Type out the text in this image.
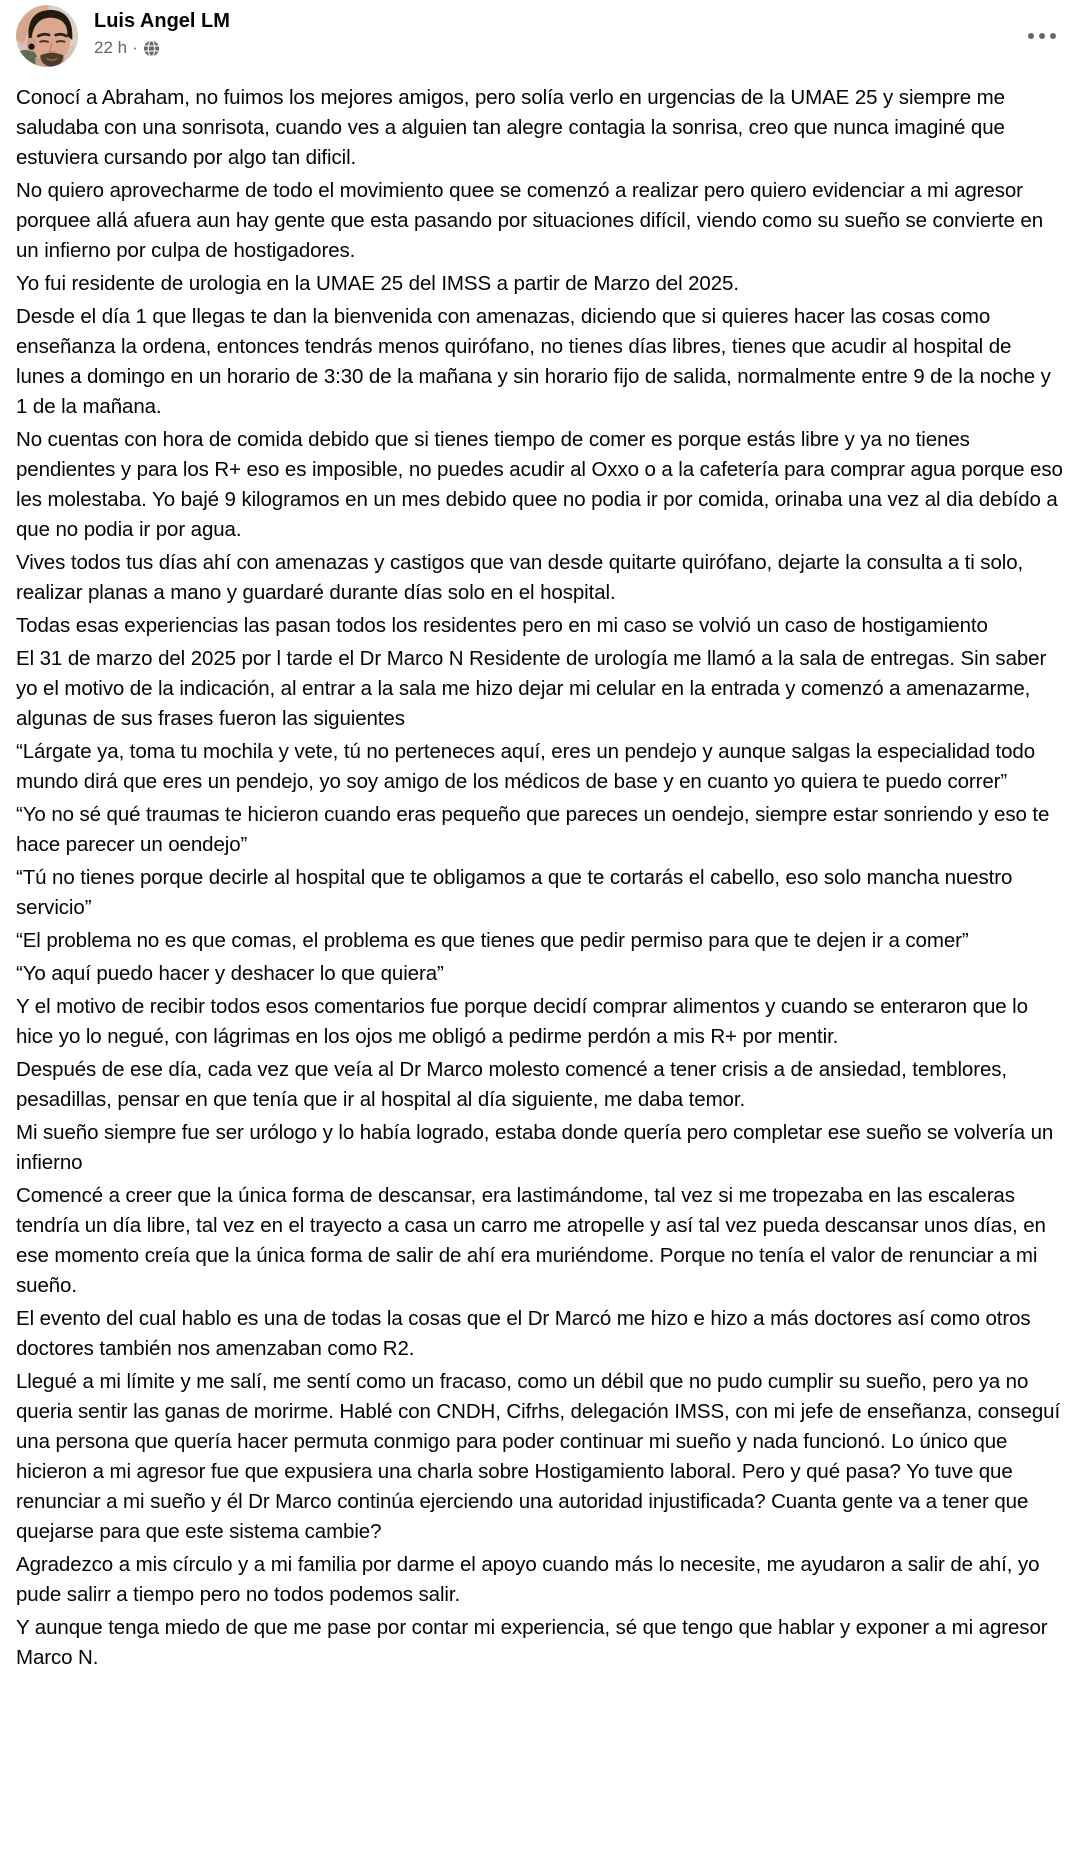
Luis Angel LM
22 h ·

Conocí a Abraham, no fuimos los mejores amigos, pero solía verlo en urgencias de la UMAE 25 y siempre me saludaba con una sonrisota, cuando ves a alguien tan alegre contagia la sonrisa, creo que nunca imaginé que estuviera cursando por algo tan dificil.

No quiero aprovecharme de todo el movimiento quee se comenzó a realizar pero quiero evidenciar a mi agresor porquee allá afuera aun hay gente que esta pasando por situaciones difícil, viendo como su sueño se convierte en un infierno por culpa de hostigadores.

Yo fui residente de urologia en la UMAE 25 del IMSS a partir de Marzo del 2025.

Desde el día 1 que llegas te dan la bienvenida con amenazas, diciendo que si quieres hacer las cosas como enseñanza la ordena, entonces tendrás menos quirófano, no tienes días libres, tienes que acudir al hospital de lunes a domingo en un horario de 3:30 de la mañana y sin horario fijo de salida, normalmente entre 9 de la noche y 1 de la mañana.

No cuentas con hora de comida debido que si tienes tiempo de comer es porque estás libre y ya no tienes pendientes y para los R+ eso es imposible, no puedes acudir al Oxxo o a la cafetería para comprar agua porque eso les molestaba. Yo bajé 9 kilogramos en un mes debido quee no podia ir por comida, orinaba una vez al dia debído a que no podia ir por agua.

Vives todos tus días ahí con amenazas y castigos que van desde quitarte quirófano, dejarte la consulta a ti solo, realizar planas a mano y guardaré durante días solo en el hospital.

Todas esas experiencias las pasan todos los residentes pero en mi caso se volvió un caso de hostigamiento

El 31 de marzo del 2025 por l tarde el Dr Marco N Residente de urología me llamó a la sala de entregas. Sin saber yo el motivo de la indicación, al entrar a la sala me hizo dejar mi celular en la entrada y comenzó a amenazarme, algunas de sus frases fueron las siguientes

“Lárgate ya, toma tu mochila y vete, tú no perteneces aquí, eres un pendejo y aunque salgas la especialidad todo mundo dirá que eres un pendejo, yo soy amigo de los médicos de base y en cuanto yo quiera te puedo correr”

“Yo no sé qué traumas te hicieron cuando eras pequeño que pareces un oendejo, siempre estar sonriendo y eso te hace parecer un oendejo”

“Tú no tienes porque decirle al hospital que te obligamos a que te cortarás el cabello, eso solo mancha nuestro servicio”

“El problema no es que comas, el problema es que tienes que pedir permiso para que te dejen ir a comer”

“Yo aquí puedo hacer y deshacer lo que quiera”

Y el motivo de recibir todos esos comentarios fue porque decidí comprar alimentos y cuando se enteraron que lo hice yo lo negué, con lágrimas en los ojos me obligó a pedirme perdón a mis R+ por mentir.

Después de ese día, cada vez que veía al Dr Marco molesto comencé a tener crisis a de ansiedad, temblores, pesadillas, pensar en que tenía que ir al hospital al día siguiente, me daba temor.

Mi sueño siempre fue ser urólogo y lo había logrado, estaba donde quería pero completar ese sueño se volvería un infierno

Comencé a creer que la única forma de descansar, era lastimándome, tal vez si me tropezaba en las escaleras tendría un día libre, tal vez en el trayecto a casa un carro me atropelle y así tal vez pueda descansar unos días, en ese momento creía que la única forma de salir de ahí era muriéndome. Porque no tenía el valor de renunciar a mi sueño.

El evento del cual hablo es una de todas la cosas que el Dr Marcó me hizo e hizo a más doctores así como otros doctores también nos amenzaban como R2.

Llegué a mi límite y me salí, me sentí como un fracaso, como un débil que no pudo cumplir su sueño, pero ya no queria sentir las ganas de morirme. Hablé con CNDH, Cifrhs, delegación IMSS, con mi jefe de enseñanza, conseguí una persona que quería hacer permuta conmigo para poder continuar mi sueño y nada funcionó. Lo único que hicieron a mi agresor fue que expusiera una charla sobre Hostigamiento laboral. Pero y qué pasa? Yo tuve que renunciar a mi sueño y él Dr Marco continúa ejerciendo una autoridad injustificada? Cuanta gente va a tener que quejarse para que este sistema cambie?

Agradezco a mis círculo y a mi familia por darme el apoyo cuando más lo necesite, me ayudaron a salir de ahí, yo pude salirr a tiempo pero no todos podemos salir.

Y aunque tenga miedo de que me pase por contar mi experiencia, sé que tengo que hablar y exponer a mi agresor Marco N.
